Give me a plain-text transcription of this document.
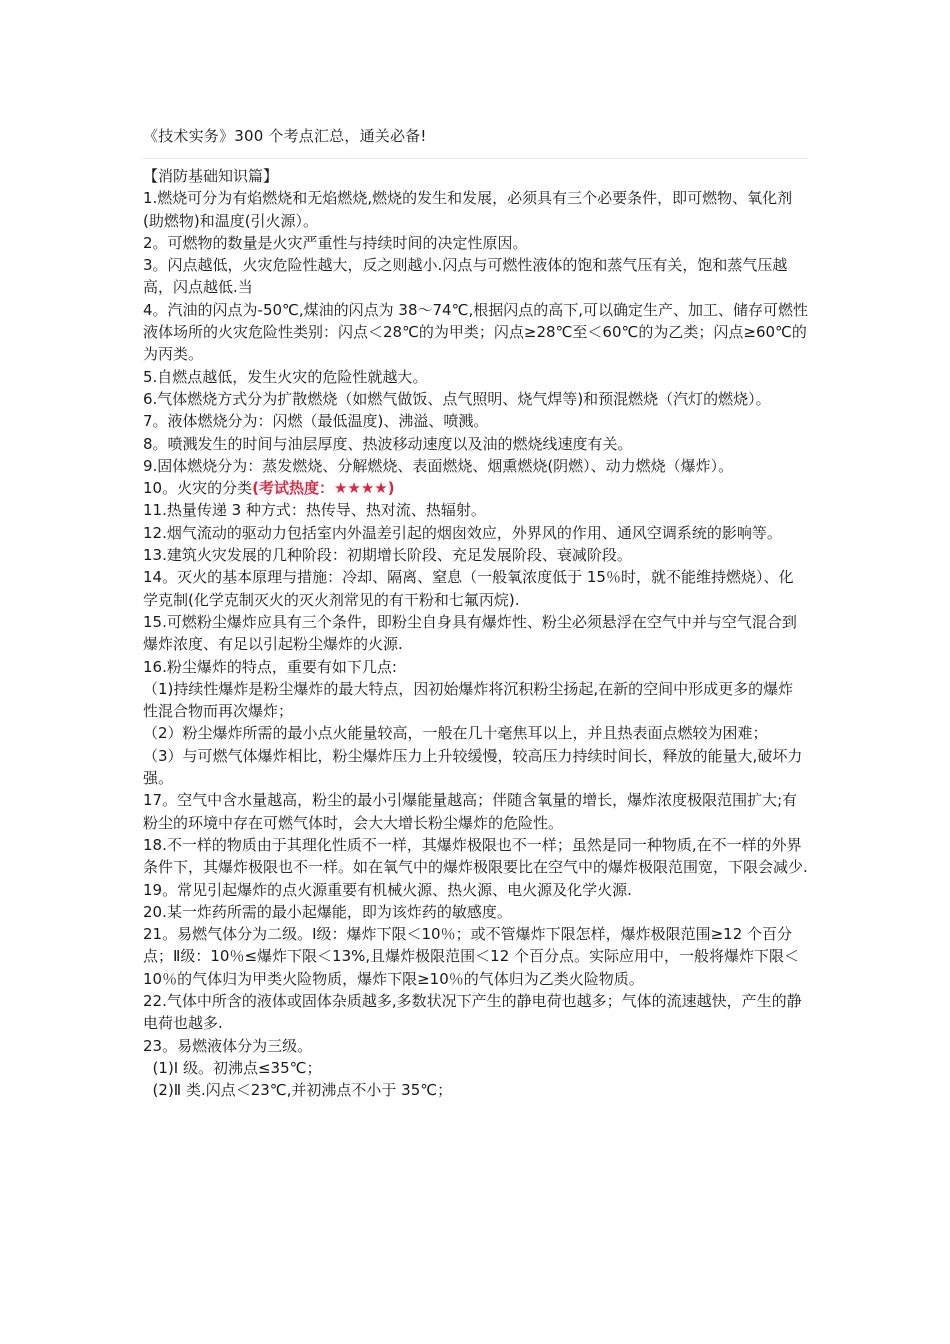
《技术实务》300 个考点汇总，通关必备!

【消防基础知识篇】

1.燃烧可分为有焰燃烧和无焰燃烧,燃烧的发生和发展，必须具有三个必要条件，即可燃物、氧化剂(助燃物)和温度(引火源）。

2。可燃物的数量是火灾严重性与持续时间的决定性原因。

3。闪点越低，火灾危险性越大，反之则越小.闪点与可燃性液体的饱和蒸气压有关，饱和蒸气压越高，闪点越低.当

4。汽油的闪点为-50℃,煤油的闪点为 38～74℃,根据闪点的高下,可以确定生产、加工、储存可燃性液体场所的火灾危险性类别：闪点＜28℃的为甲类；闪点≥28℃至＜60℃的为乙类；闪点≥60℃的为丙类。

5.自燃点越低，发生火灾的危险性就越大。

6.气体燃烧方式分为扩散燃烧（如燃气做饭、点气照明、烧气焊等)和预混燃烧（汽灯的燃烧）。

7。液体燃烧分为：闪燃（最低温度)、沸溢、喷溅。

8。喷溅发生的时间与油层厚度、热波移动速度以及油的燃烧线速度有关。

9.固体燃烧分为：蒸发燃烧、分解燃烧、表面燃烧、烟熏燃烧(阴燃）、动力燃烧（爆炸）。

10。火灾的分类(考试热度：★★★★)

11.热量传递 3 种方式：热传导、热对流、热辐射。

12.烟气流动的驱动力包括室内外温差引起的烟囱效应，外界风的作用、通风空调系统的影响等。

13.建筑火灾发展的几种阶段：初期增长阶段、充足发展阶段、衰减阶段。

14。灭火的基本原理与措施：冷却、隔离、窒息（一般氧浓度低于 15％时，就不能维持燃烧）、化学克制(化学克制灭火的灭火剂常见的有干粉和七氟丙烷).

15.可燃粉尘爆炸应具有三个条件，即粉尘自身具有爆炸性、粉尘必须悬浮在空气中并与空气混合到爆炸浓度、有足以引起粉尘爆炸的火源.

16.粉尘爆炸的特点，重要有如下几点:

（1)持续性爆炸是粉尘爆炸的最大特点，因初始爆炸将沉积粉尘扬起,在新的空间中形成更多的爆炸性混合物而再次爆炸；

（2）粉尘爆炸所需的最小点火能量较高，一般在几十毫焦耳以上，并且热表面点燃较为困难；

（3）与可燃气体爆炸相比，粉尘爆炸压力上升较缓慢，较高压力持续时间长，释放的能量大,破坏力强。

17。空气中含水量越高，粉尘的最小引爆能量越高；伴随含氧量的增长，爆炸浓度极限范围扩大;有粉尘的环境中存在可燃气体时，会大大增长粉尘爆炸的危险性。

18.不一样的物质由于其理化性质不一样，其爆炸极限也不一样；虽然是同一种物质,在不一样的外界条件下，其爆炸极限也不一样。如在氧气中的爆炸极限要比在空气中的爆炸极限范围宽，下限会减少.

19。常见引起爆炸的点火源重要有机械火源、热火源、电火源及化学火源.

20.某一炸药所需的最小起爆能，即为该炸药的敏感度。

21。易燃气体分为二级。Ⅰ级：爆炸下限＜10％；或不管爆炸下限怎样，爆炸极限范围≥12 个百分点；Ⅱ级：10％≤爆炸下限＜13%,且爆炸极限范围＜12 个百分点。实际应用中，一般将爆炸下限＜10％的气体归为甲类火险物质，爆炸下限≥10％的气体归为乙类火险物质。

22.气体中所含的液体或固体杂质越多,多数状况下产生的静电荷也越多；气体的流速越快，产生的静电荷也越多.

23。易燃液体分为三级。

(1)Ⅰ 级。初沸点≤35℃；

(2)Ⅱ 类.闪点＜23℃,并初沸点不小于 35℃；
